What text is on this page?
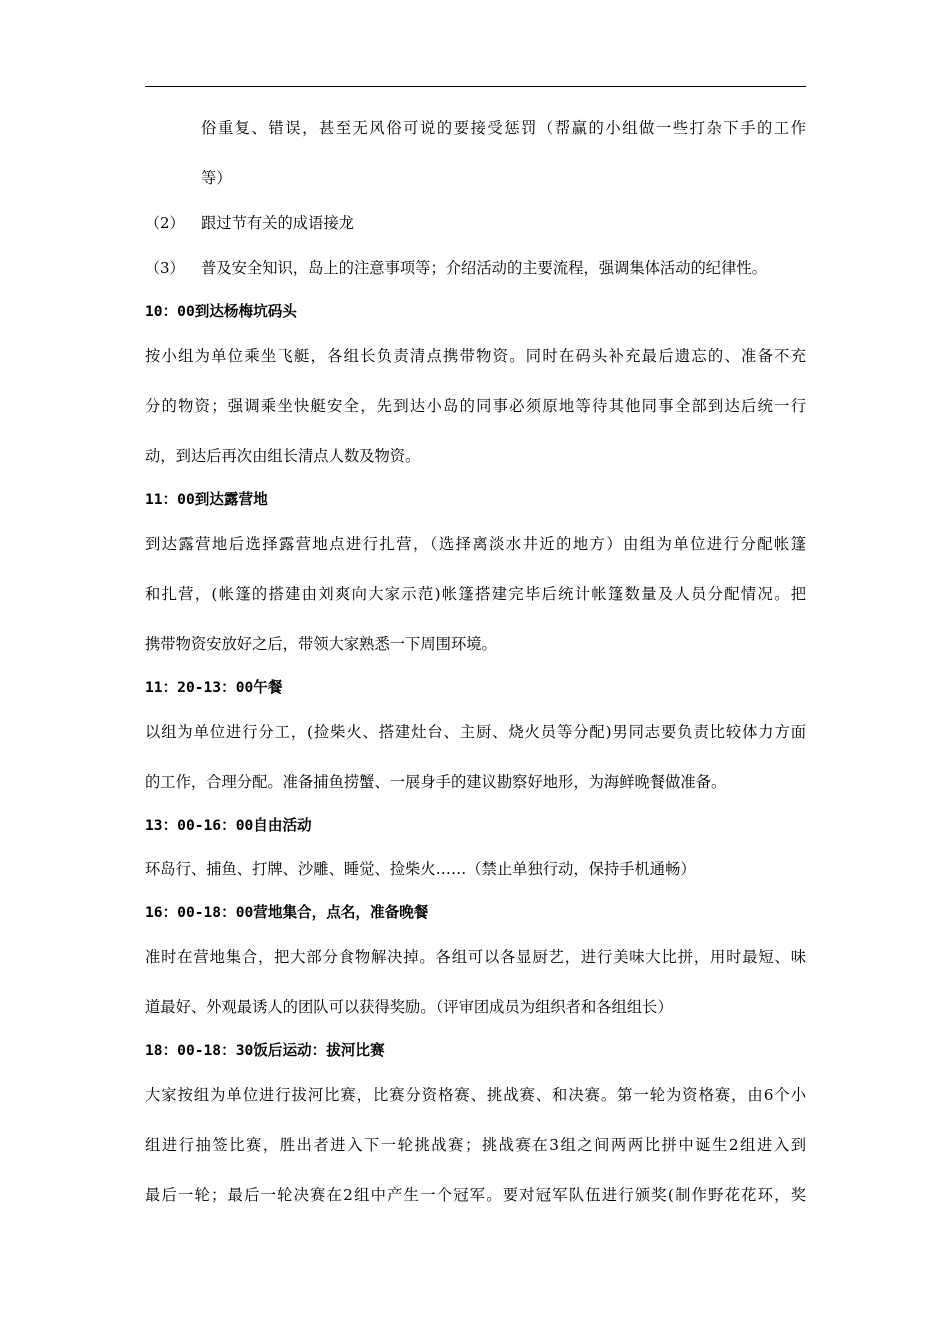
俗重复、错误，甚至无风俗可说的要接受惩罚（帮赢的小组做一些打杂下手的工作

等）

（2） 跟过节有关的成语接龙

（3） 普及安全知识，岛上的注意事项等；介绍活动的主要流程，强调集体活动的纪律性。

10：00到达杨梅坑码头

按小组为单位乘坐飞艇，各组长负责清点携带物资。同时在码头补充最后遗忘的、准备不充

分的物资；强调乘坐快艇安全，先到达小岛的同事必须原地等待其他同事全部到达后统一行

动，到达后再次由组长清点人数及物资。

11：00到达露营地

到达露营地后选择露营地点进行扎营，（选择离淡水井近的地方）由组为单位进行分配帐篷

和扎营，(帐篷的搭建由刘爽向大家示范)帐篷搭建完毕后统计帐篷数量及人员分配情况。把

携带物资安放好之后，带领大家熟悉一下周围环境。

11：20-13：00午餐

以组为单位进行分工，(捡柴火、搭建灶台、主厨、烧火员等分配)男同志要负责比较体力方面

的工作，合理分配。准备捕鱼捞蟹、一展身手的建议勘察好地形，为海鲜晚餐做准备。

13：00-16：00自由活动

环岛行、捕鱼、打牌、沙雕、睡觉、捡柴火……（禁止单独行动，保持手机通畅）

16：00-18：00营地集合，点名，准备晚餐

准时在营地集合，把大部分食物解决掉。各组可以各显厨艺，进行美味大比拼，用时最短、味

道最好、外观最诱人的团队可以获得奖励。（评审团成员为组织者和各组组长）

18：00-18：30饭后运动：拔河比赛

大家按组为单位进行拔河比赛，比赛分资格赛、挑战赛、和决赛。第一轮为资格赛，由6个小

组进行抽签比赛，胜出者进入下一轮挑战赛；挑战赛在3组之间两两比拼中诞生2组进入到

最后一轮；最后一轮决赛在2组中产生一个冠军。要对冠军队伍进行颁奖(制作野花花环，奖
